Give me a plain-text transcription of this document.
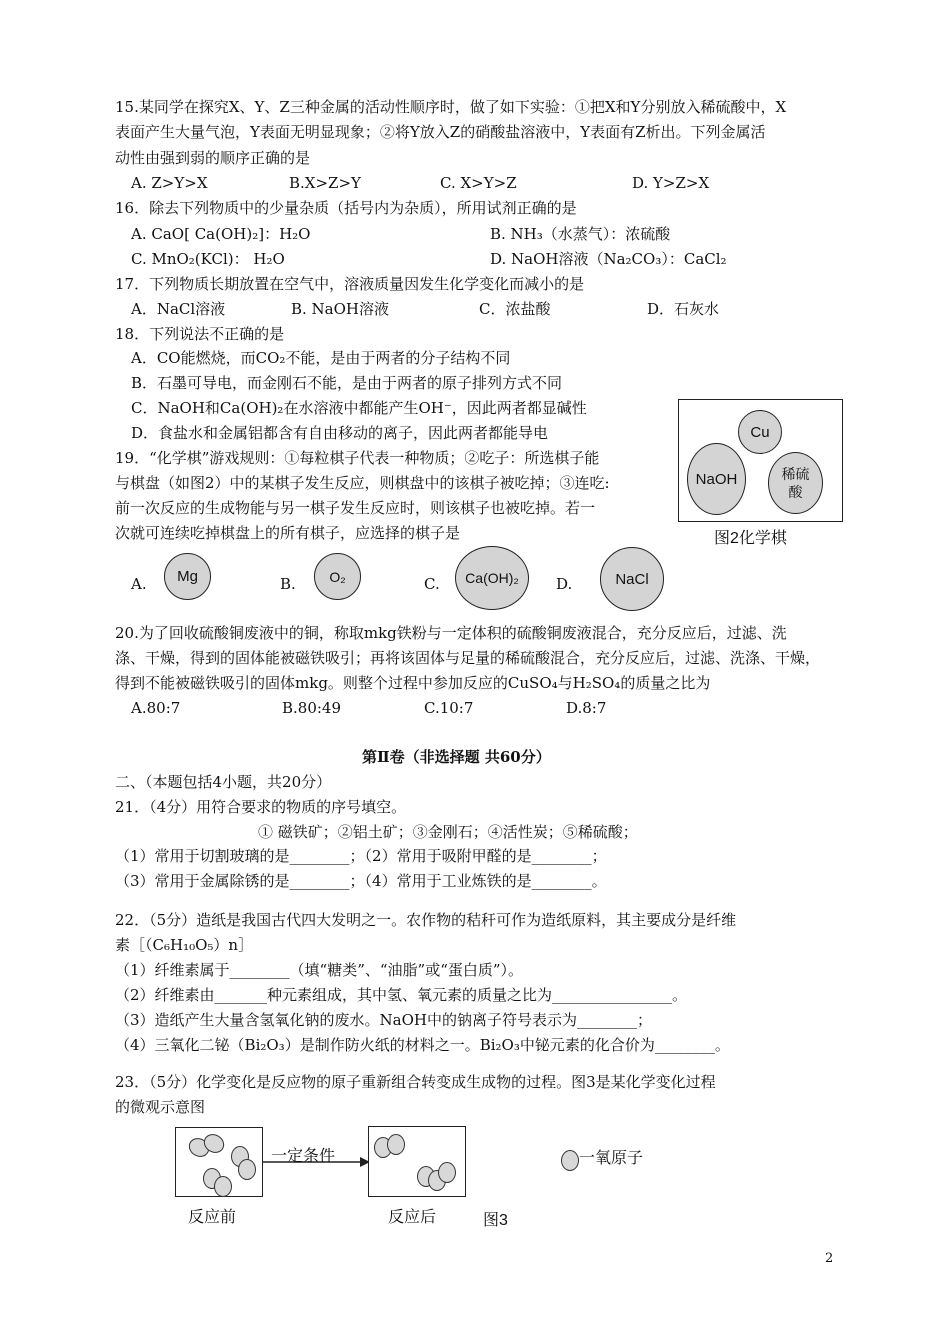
15.某同学在探究X、Y、Z三种金属的活动性顺序时，做了如下实验：①把X和Y分别放入稀硫酸中，X
表面产生大量气泡，Y表面无明显现象；②将Y放入Z的硝酸盐溶液中，Y表面有Z析出。下列金属活
动性由强到弱的顺序正确的是
A. Z>Y>X	B.X>Z>Y	C. X>Y>Z	D. Y>Z>X
16．除去下列物质中的少量杂质（括号内为杂质），所用试剂正确的是
A. CaO[ Ca(OH)₂]：H₂O	B. NH₃（水蒸气）：浓硫酸
C. MnO₂(KCl)： H₂O	D. NaOH溶液（Na₂CO₃）：CaCl₂
17．下列物质长期放置在空气中，溶液质量因发生化学变化而减小的是
A．NaCl溶液	B. NaOH溶液	C．浓盐酸	D．石灰水
18．下列说法不正确的是
A．CO能燃烧，而CO₂不能，是由于两者的分子结构不同
B．石墨可导电，而金刚石不能，是由于两者的原子排列方式不同
C．NaOH和Ca(OH)₂在水溶液中都能产生OH⁻，因此两者都显碱性
D．食盐水和金属铝都含有自由移动的离子，因此两者都能导电
19．“化学棋”游戏规则：①每粒棋子代表一种物质；②吃子：所选棋子能
与棋盘（如图2）中的某棋子发生反应，则棋盘中的该棋子被吃掉；③连吃:
前一次反应的生成物能与另一棋子发生反应时，则该棋子也被吃掉。若一
次就可连续吃掉棋盘上的所有棋子，应选择的棋子是
Cu
NaOH	稀硫酸
图2化学棋
A.	Mg	B.	O₂	C.	Ca(OH)₂	D.	NaCl
20.为了回收硫酸铜废液中的铜，称取mkg铁粉与一定体积的硫酸铜废液混合，充分反应后，过滤、洗
涤、干燥，得到的固体能被磁铁吸引；再将该固体与足量的稀硫酸混合，充分反应后，过滤、洗涤、干燥，
得到不能被磁铁吸引的固体mkg。则整个过程中参加反应的CuSO₄与H₂SO₄的质量之比为
A.80:7	B.80:49	C.10:7	D.8:7
第Ⅱ卷（非选择题 共60分）
二、（本题包括4小题，共20分）
21．（4分）用符合要求的物质的序号填空。
① 磁铁矿；②铝土矿；③金刚石；④活性炭；⑤稀硫酸；
（1）常用于切割玻璃的是________；（2）常用于吸附甲醛的是________；
（3）常用于金属除锈的是________；（4）常用于工业炼铁的是________。
22．（5分）造纸是我国古代四大发明之一。农作物的秸秆可作为造纸原料，其主要成分是纤维
素［（C₆H₁₀O₅）n］
（1）纤维素属于________（填“糖类”、“油脂”或“蛋白质”）。
（2）纤维素由_______种元素组成，其中氢、氧元素的质量之比为________________。
（3）造纸产生大量含氢氧化钠的废水。NaOH中的钠离子符号表示为________；
（4）三氧化二铋（Bi₂O₃）是制作防火纸的材料之一。Bi₂O₃中铋元素的化合价为________。
23．（5分）化学变化是反应物的原子重新组合转变成生成物的过程。图3是某化学变化过程
的微观示意图
一定条件	一氧原子
反应前	反应后	图3
2
